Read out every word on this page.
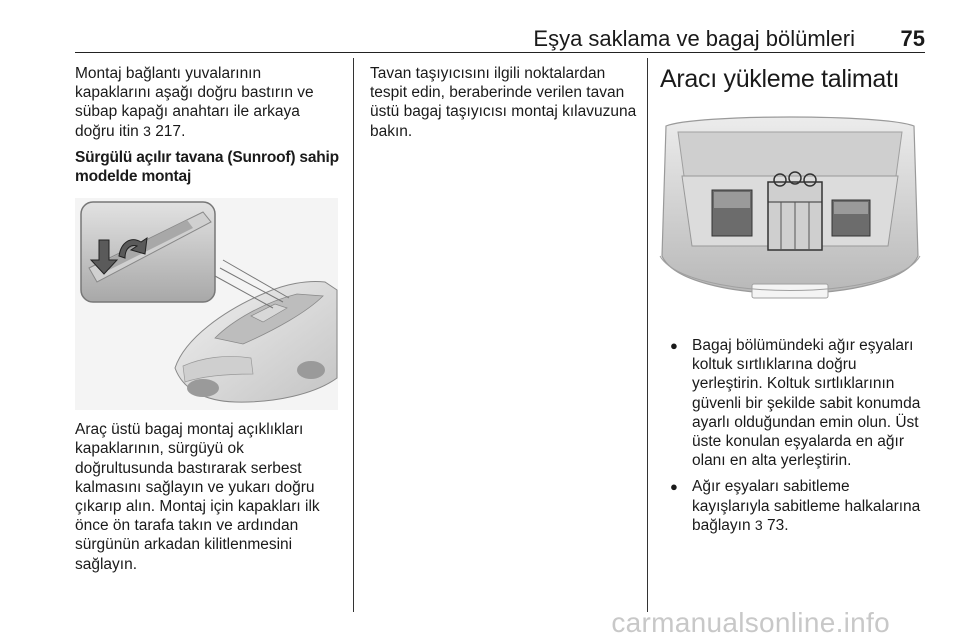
Eşya saklama ve bagaj bölümleri 75

Montaj bağlantı yuvalarının kapaklarını aşağı doğru bastırın ve sübap kapağı anahtarı ile arkaya doğru itin 3 217.

Sürgülü açılır tavana (Sunroof) sahip modelde montaj

Araç üstü bagaj montaj açıklıkları kapaklarının, sürgüyü ok doğrultusunda bastırarak serbest kalmasını sağlayın ve yukarı doğru çıkarıp alın. Montaj için kapakları ilk önce ön tarafa takın ve ardından sürgünün arkadan kilitlenmesini sağlayın.

Tavan taşıyıcısını ilgili noktalardan tespit edin, beraberinde verilen tavan üstü bagaj taşıyıcısı montaj kılavuzuna bakın.

Aracı yükleme talimatı
● Bagaj bölümündeki ağır eşyaları koltuk sırtlıklarına doğru yerleştirin. Koltuk sırtlıklarının güvenli bir şekilde sabit konumda ayarlı olduğundan emin olun. Üst üste konulan eşyalarda en ağır olanı en alta yerleştirin.
● Ağır eşyaları sabitleme kayışlarıyla sabitleme halkalarına bağlayın 3 73.
carmanualsonline.info
